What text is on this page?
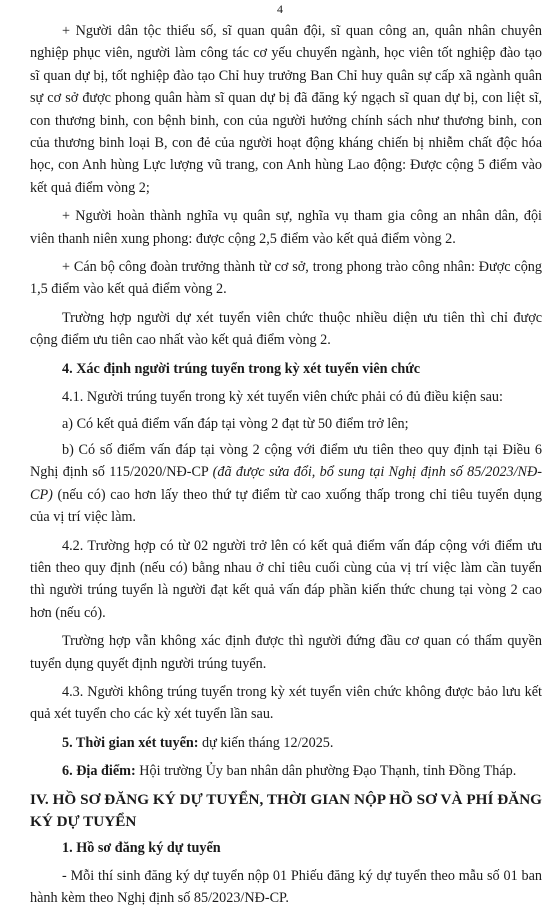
4

+ Người dân tộc thiểu số, sĩ quan quân đội, sĩ quan công an, quân nhân chuyên nghiệp phục viên, người làm công tác cơ yếu chuyển ngành, học viên tốt nghiệp đào tạo sĩ quan dự bị, tốt nghiệp đào tạo Chỉ huy trưởng Ban Chỉ huy quân sự cấp xã ngành quân sự cơ sở được phong quân hàm sĩ quan dự bị đã đăng ký ngạch sĩ quan dự bị, con liệt sĩ, con thương binh, con bệnh binh, con của người hưởng chính sách như thương binh, con của thương binh loại B, con đẻ của người hoạt động kháng chiến bị nhiễm chất độc hóa học, con Anh hùng Lực lượng vũ trang, con Anh hùng Lao động: Được cộng 5 điểm vào kết quả điểm vòng 2;

+ Người hoàn thành nghĩa vụ quân sự, nghĩa vụ tham gia công an nhân dân, đội viên thanh niên xung phong: được cộng 2,5 điểm vào kết quả điểm vòng 2.

+ Cán bộ công đoàn trưởng thành từ cơ sở, trong phong trào công nhân: Được cộng 1,5 điểm vào kết quả điểm vòng 2.

Trường hợp người dự xét tuyển viên chức thuộc nhiều diện ưu tiên thì chỉ được cộng điểm ưu tiên cao nhất vào kết quả điểm vòng 2.

4. Xác định người trúng tuyển trong kỳ xét tuyển viên chức

4.1. Người trúng tuyển trong kỳ xét tuyển viên chức phải có đủ điều kiện sau:

a) Có kết quả điểm vấn đáp tại vòng 2 đạt từ 50 điểm trở lên;

b) Có số điểm vấn đáp tại vòng 2 cộng với điểm ưu tiên theo quy định tại Điều 6 Nghị định số 115/2020/NĐ-CP (đã được sửa đổi, bổ sung tại Nghị định số 85/2023/NĐ-CP) (nếu có) cao hơn lấy theo thứ tự điểm từ cao xuống thấp trong chỉ tiêu tuyển dụng của vị trí việc làm.

4.2. Trường hợp có từ 02 người trở lên có kết quả điểm vấn đáp cộng với điểm ưu tiên theo quy định (nếu có) bằng nhau ở chỉ tiêu cuối cùng của vị trí việc làm cần tuyển thì người trúng tuyển là người đạt kết quả vấn đáp phần kiến thức chung tại vòng 2 cao hơn (nếu có).

Trường hợp vẫn không xác định được thì người đứng đầu cơ quan có thẩm quyền tuyển dụng quyết định người trúng tuyển.

4.3. Người không trúng tuyển trong kỳ xét tuyển viên chức không được bảo lưu kết quả xét tuyển cho các kỳ xét tuyển lần sau.

5. Thời gian xét tuyển: dự kiến tháng 12/2025.

6. Địa điểm: Hội trường Ủy ban nhân dân phường Đạo Thạnh, tỉnh Đồng Tháp.

IV. HỒ SƠ ĐĂNG KÝ DỰ TUYỂN, THỜI GIAN NỘP HỒ SƠ VÀ PHÍ ĐĂNG KÝ DỰ TUYỂN

1. Hồ sơ đăng ký dự tuyển

- Mỗi thí sinh đăng ký dự tuyển nộp 01 Phiếu đăng ký dự tuyển theo mẫu số 01 ban hành kèm theo Nghị định số 85/2023/NĐ-CP.
